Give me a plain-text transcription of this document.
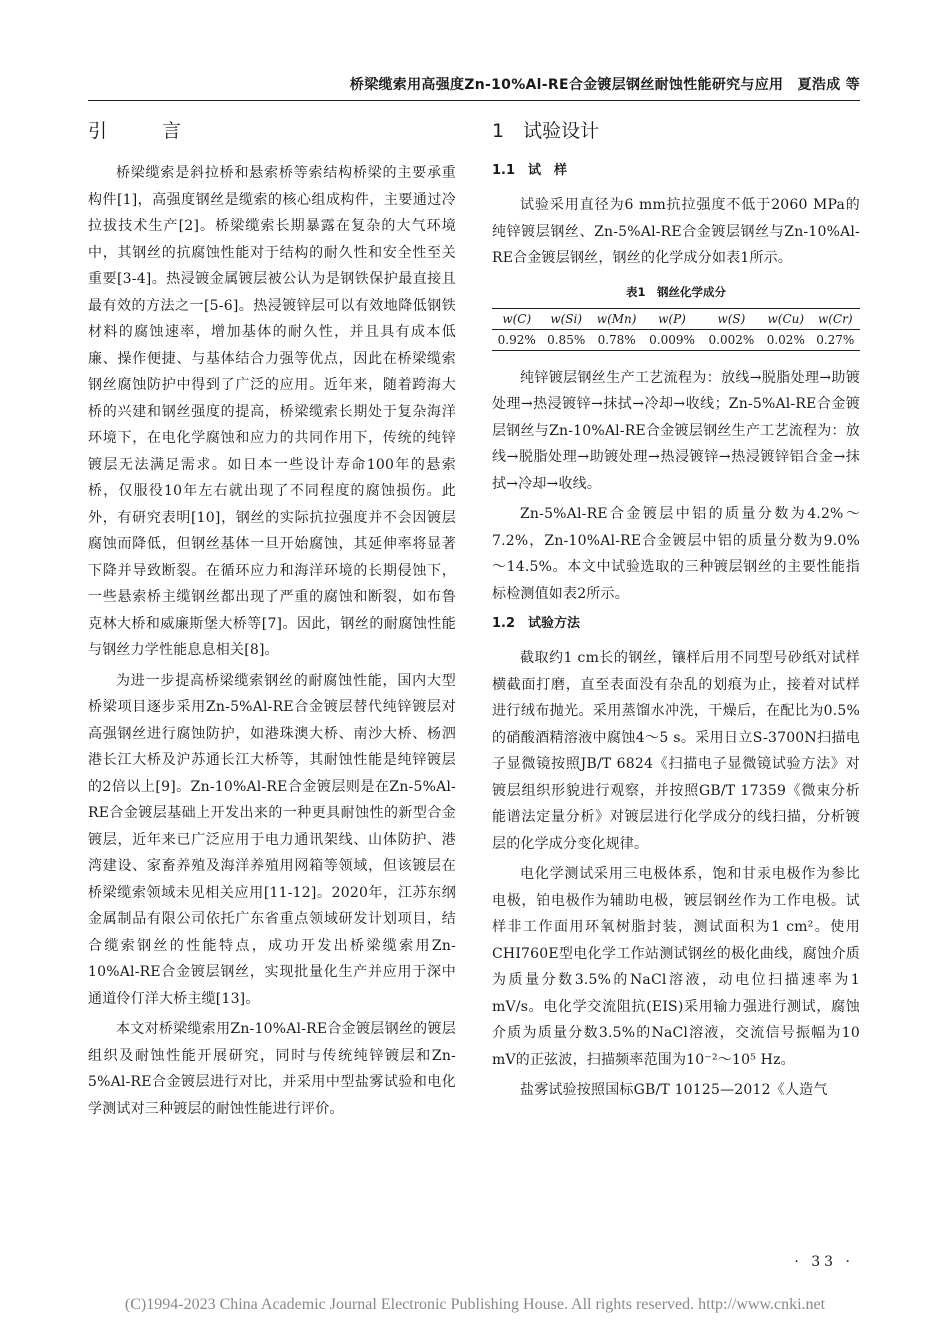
桥梁缆索用高强度Zn-10%Al-RE合金镀层钢丝耐蚀性能研究与应用　夏浩成 等
引　言

桥梁缆索是斜拉桥和悬索桥等索结构桥梁的主要承重构件[1]，高强度钢丝是缆索的核心组成构件，主要通过冷拉拔技术生产[2]。桥梁缆索长期暴露在复杂的大气环境中，其钢丝的抗腐蚀性能对于结构的耐久性和安全性至关重要[3-4]。热浸镀金属镀层被公认为是钢铁保护最直接且最有效的方法之一[5-6]。热浸镀锌层可以有效地降低钢铁材料的腐蚀速率，增加基体的耐久性，并且具有成本低廉、操作便捷、与基体结合力强等优点，因此在桥梁缆索钢丝腐蚀防护中得到了广泛的应用。近年来，随着跨海大桥的兴建和钢丝强度的提高，桥梁缆索长期处于复杂海洋环境下，在电化学腐蚀和应力的共同作用下，传统的纯锌镀层无法满足需求。如日本一些设计寿命100年的悬索桥，仅服役10年左右就出现了不同程度的腐蚀损伤。此外，有研究表明[10]，钢丝的实际抗拉强度并不会因镀层腐蚀而降低，但钢丝基体一旦开始腐蚀，其延伸率将显著下降并导致断裂。在循环应力和海洋环境的长期侵蚀下，一些悬索桥主缆钢丝都出现了严重的腐蚀和断裂，如布鲁克林大桥和威廉斯堡大桥等[7]。因此，钢丝的耐腐蚀性能与钢丝力学性能息息相关[8]。

为进一步提高桥梁缆索钢丝的耐腐蚀性能，国内大型桥梁项目逐步采用Zn-5%Al-RE合金镀层替代纯锌镀层对高强钢丝进行腐蚀防护，如港珠澳大桥、南沙大桥、杨泗港长江大桥及沪苏通长江大桥等，其耐蚀性能是纯锌镀层的2倍以上[9]。Zn-10%Al-RE合金镀层则是在Zn-5%Al-RE合金镀层基础上开发出来的一种更具耐蚀性的新型合金镀层，近年来已广泛应用于电力通讯架线、山体防护、港湾建设、家畜养殖及海洋养殖用网箱等领域，但该镀层在桥梁缆索领域未见相关应用[11-12]。2020年，江苏东纲金属制品有限公司依托广东省重点领域研发计划项目，结合缆索钢丝的性能特点，成功开发出桥梁缆索用Zn-10%Al-RE合金镀层钢丝，实现批量化生产并应用于深中通道伶仃洋大桥主缆[13]。

本文对桥梁缆索用Zn-10%Al-RE合金镀层钢丝的镀层组织及耐蚀性能开展研究，同时与传统纯锌镀层和Zn-5%Al-RE合金镀层进行对比，并采用中型盐雾试验和电化学测试对三种镀层的耐蚀性能进行评价。

1　试验设计
1.1　试　样

试验采用直径为6 mm抗拉强度不低于2060 MPa的纯锌镀层钢丝、Zn-5%Al-RE合金镀层钢丝与Zn-10%Al-RE合金镀层钢丝，钢丝的化学成分如表1所示。

表1　钢丝化学成分
w(C)	w(Si)	w(Mn)	w(P)	w(S)	w(Cu)	w(Cr)
0.92%	0.85%	0.78%	0.009%	0.002%	0.02%	0.27%

纯锌镀层钢丝生产工艺流程为：放线→脱脂处理→助镀处理→热浸镀锌→抹拭→冷却→收线；Zn-5%Al-RE合金镀层钢丝与Zn-10%Al-RE合金镀层钢丝生产工艺流程为：放线→脱脂处理→助镀处理→热浸镀锌→热浸镀锌铝合金→抹拭→冷却→收线。

Zn-5%Al-RE合金镀层中铝的质量分数为4.2%～7.2%，Zn-10%Al-RE合金镀层中铝的质量分数为9.0%～14.5%。本文中试验选取的三种镀层钢丝的主要性能指标检测值如表2所示。

1.2　试验方法

截取约1 cm长的钢丝，镶样后用不同型号砂纸对试样横截面打磨，直至表面没有杂乱的划痕为止，接着对试样进行绒布抛光。采用蒸馏水冲洗，干燥后，在配比为0.5%的硝酸酒精溶液中腐蚀4～5 s。采用日立S-3700N扫描电子显微镜按照JB/T 6824《扫描电子显微镜试验方法》对镀层组织形貌进行观察，并按照GB/T 17359《微束分析 能谱法定量分析》对镀层进行化学成分的线扫描，分析镀层的化学成分变化规律。

电化学测试采用三电极体系，饱和甘汞电极作为参比电极，铂电极作为辅助电极，镀层钢丝作为工作电极。试样非工作面用环氧树脂封装，测试面积为1 cm²。使用CHI760E型电化学工作站测试钢丝的极化曲线，腐蚀介质为质量分数3.5%的NaCl溶液，动电位扫描速率为1 mV/s。电化学交流阻抗(EIS)采用输力强进行测试，腐蚀介质为质量分数3.5%的NaCl溶液，交流信号振幅为10 mV的正弦波，扫描频率范围为10⁻²～10⁵ Hz。

盐雾试验按照国标GB/T 10125—2012《人造气

· 33 ·
(C)1994-2023 China Academic Journal Electronic Publishing House. All rights reserved. http://www.cnki.net
